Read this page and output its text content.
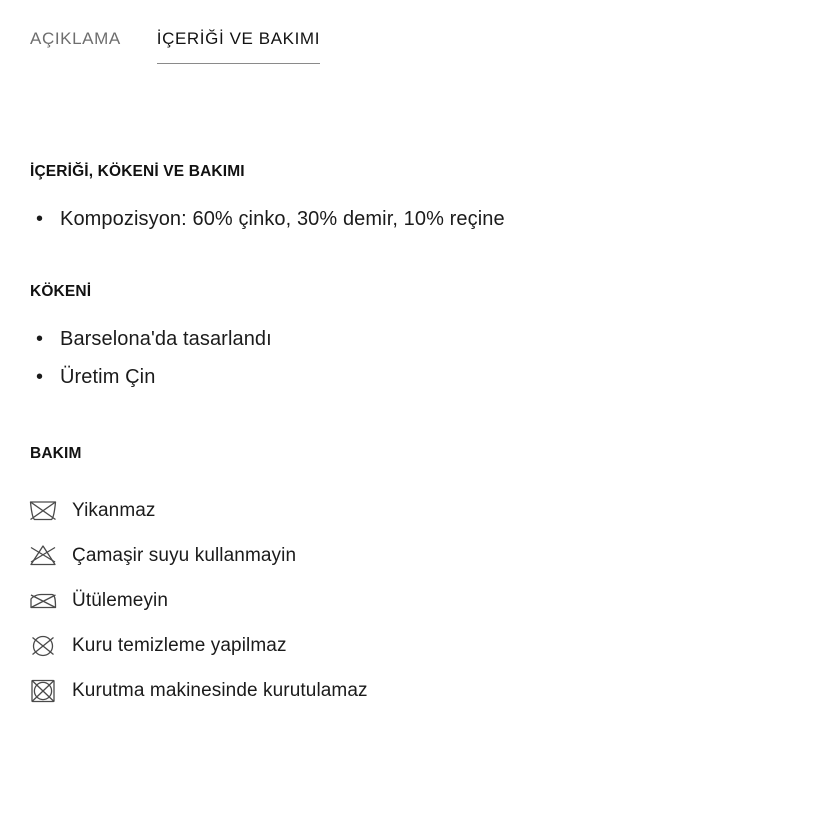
AÇIKLAMA İÇERİĞİ VE BAKIMI
İÇERİĞİ, KÖKENİ VE BAKIMI
• Kompozisyon: 60% çinko, 30% demir, 10% reçine
KÖKENİ
• Barselona'da tasarlandı
• Üretim Çin
BAKIM
Yikanmaz
Çamaşir suyu kullanmayin
Ütülemeyin
Kuru temizleme yapilmaz
Kurutma makinesinde kurutulamaz
